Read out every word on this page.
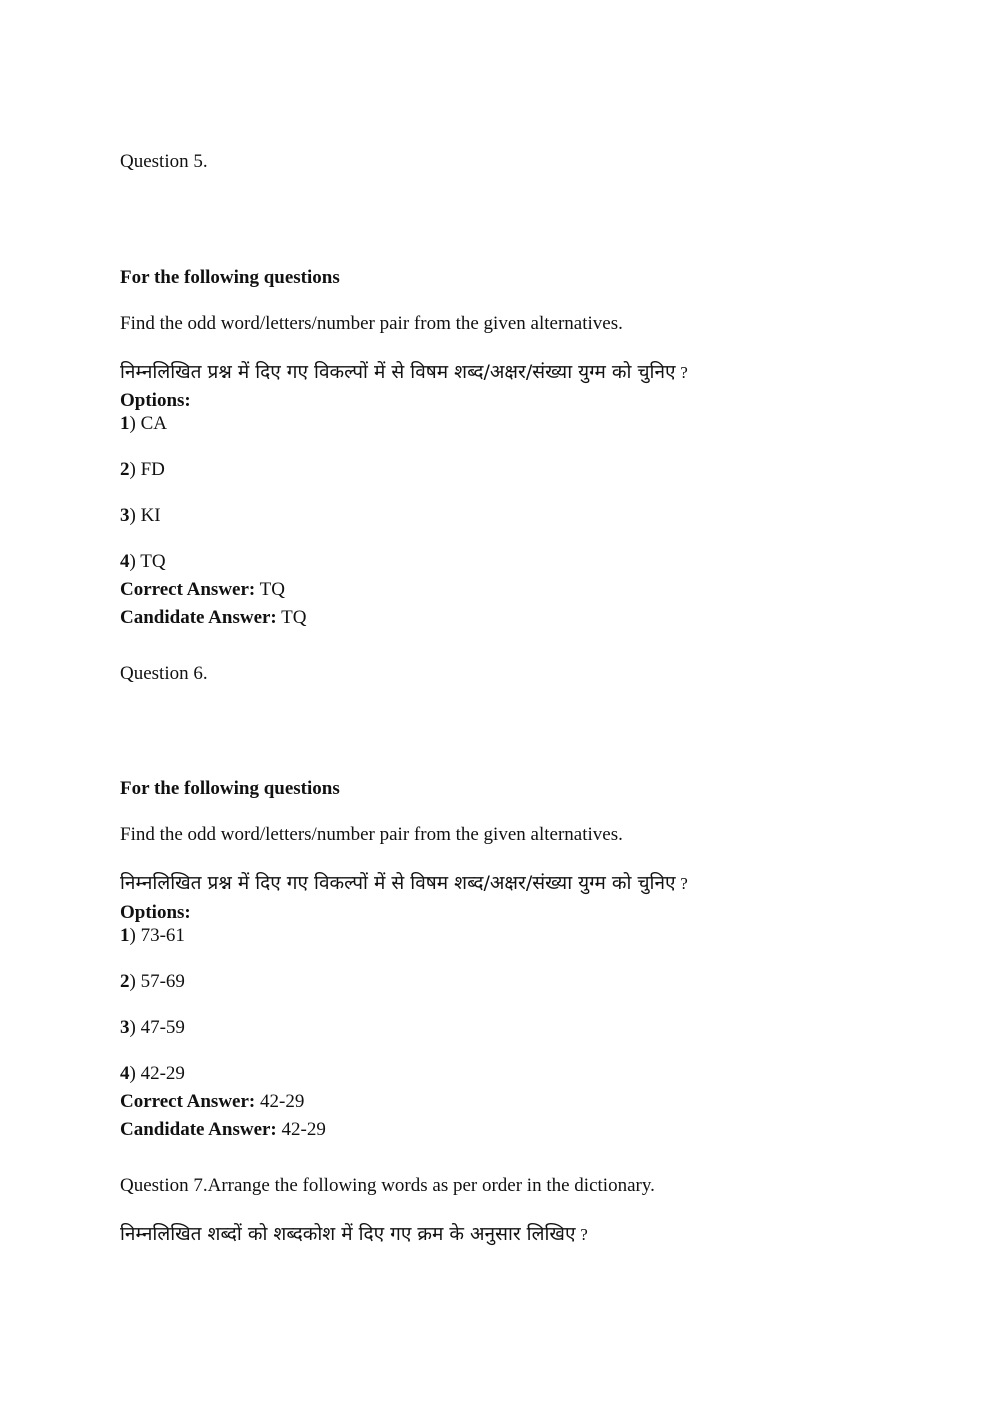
Question 5.
For the following questions
Find the odd word/letters/number pair from the given alternatives.
निम्नलिखित प्रश्न में दिए गए विकल्पों में से विषम शब्द/अक्षर/संख्या युग्म को चुनिए ?
Options:
1) CA
2) FD
3) KI
4) TQ
Correct Answer: TQ
Candidate Answer: TQ
Question 6.
For the following questions
Find the odd word/letters/number pair from the given alternatives.
निम्नलिखित प्रश्न में दिए गए विकल्पों में से विषम शब्द/अक्षर/संख्या युग्म को चुनिए ?
Options:
1) 73-61
2) 57-69
3) 47-59
4) 42-29
Correct Answer: 42-29
Candidate Answer: 42-29
Question 7.Arrange the following words as per order in the dictionary.
निम्नलिखित शब्दों को शब्दकोश में दिए गए क्रम के अनुसार लिखिए ?
